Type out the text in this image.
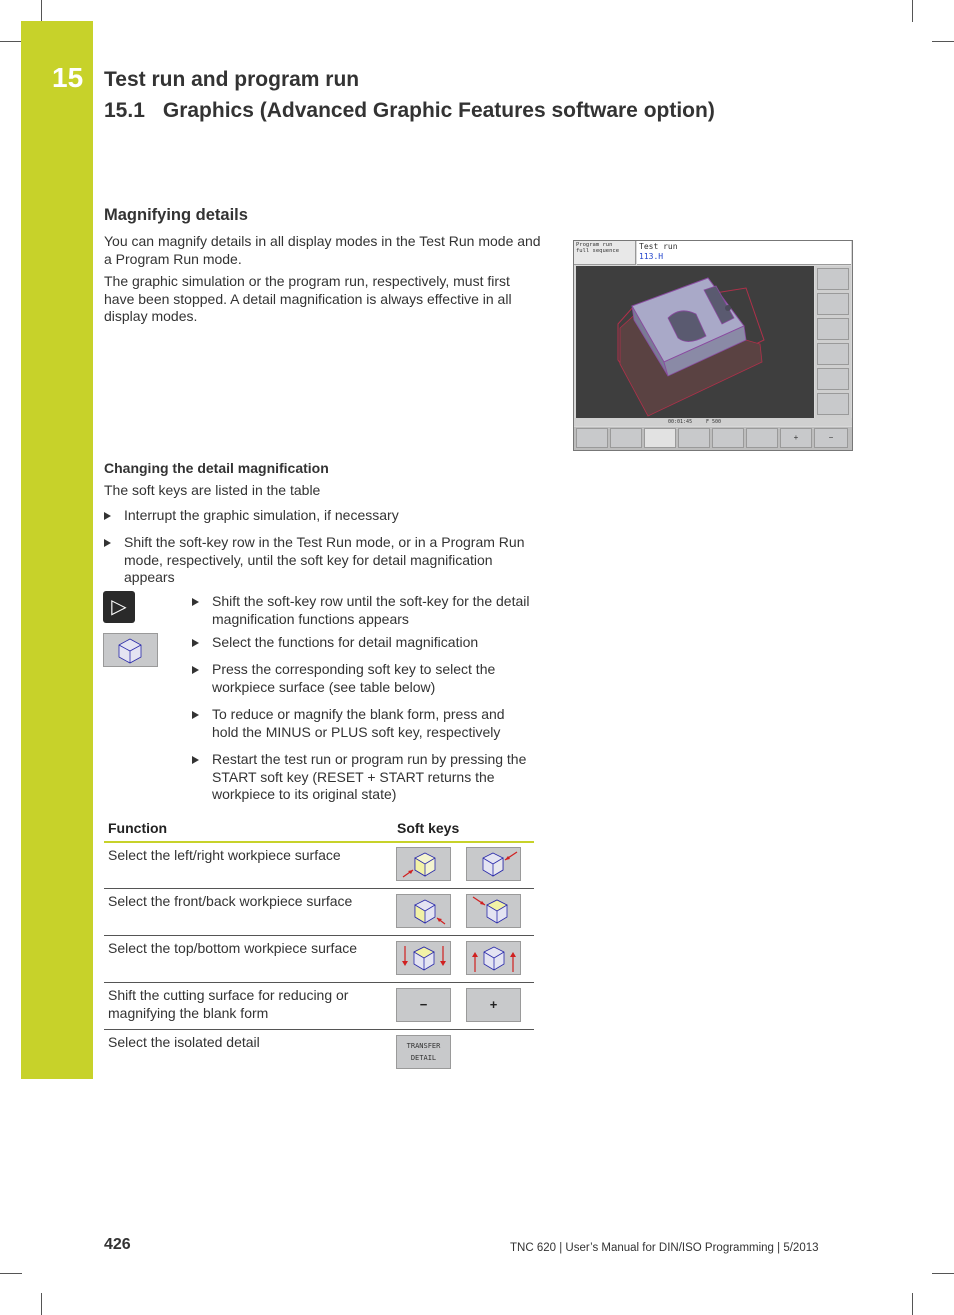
15 Test run and program run
15.1 Graphics (Advanced Graphic Features software option)
Magnifying details
You can magnify details in all display modes in the Test Run mode and a Program Run mode.
The graphic simulation or the program run, respectively, must first have been stopped. A detail magnification is always effective in all display modes.
Program run
full sequence	Test run
113.H
00:01:45	F 500
+	−
Changing the detail magnification
The soft keys are listed in the table
Interrupt the graphic simulation, if necessary
Shift the soft-key row in the Test Run mode, or in a Program Run mode, respectively, until the soft key for detail magnification appears
▷	Shift the soft-key row until the soft-key for the detail magnification functions appears
Select the functions for detail magnification
Press the corresponding soft key to select the workpiece surface (see table below)
To reduce or magnify the blank form, press and hold the MINUS or PLUS soft key, respectively
Restart the test run or program run by pressing the START soft key (RESET + START returns the workpiece to its original state)
Function	Soft keys
Select the left/right workpiece surface
Select the front/back workpiece surface
Select the top/bottom workpiece surface
Shift the cutting surface for reducing or magnifying the blank form	−	+
Select the isolated detail	TRANSFER
DETAIL
426	TNC 620 | User’s Manual for DIN/ISO Programming | 5/2013
